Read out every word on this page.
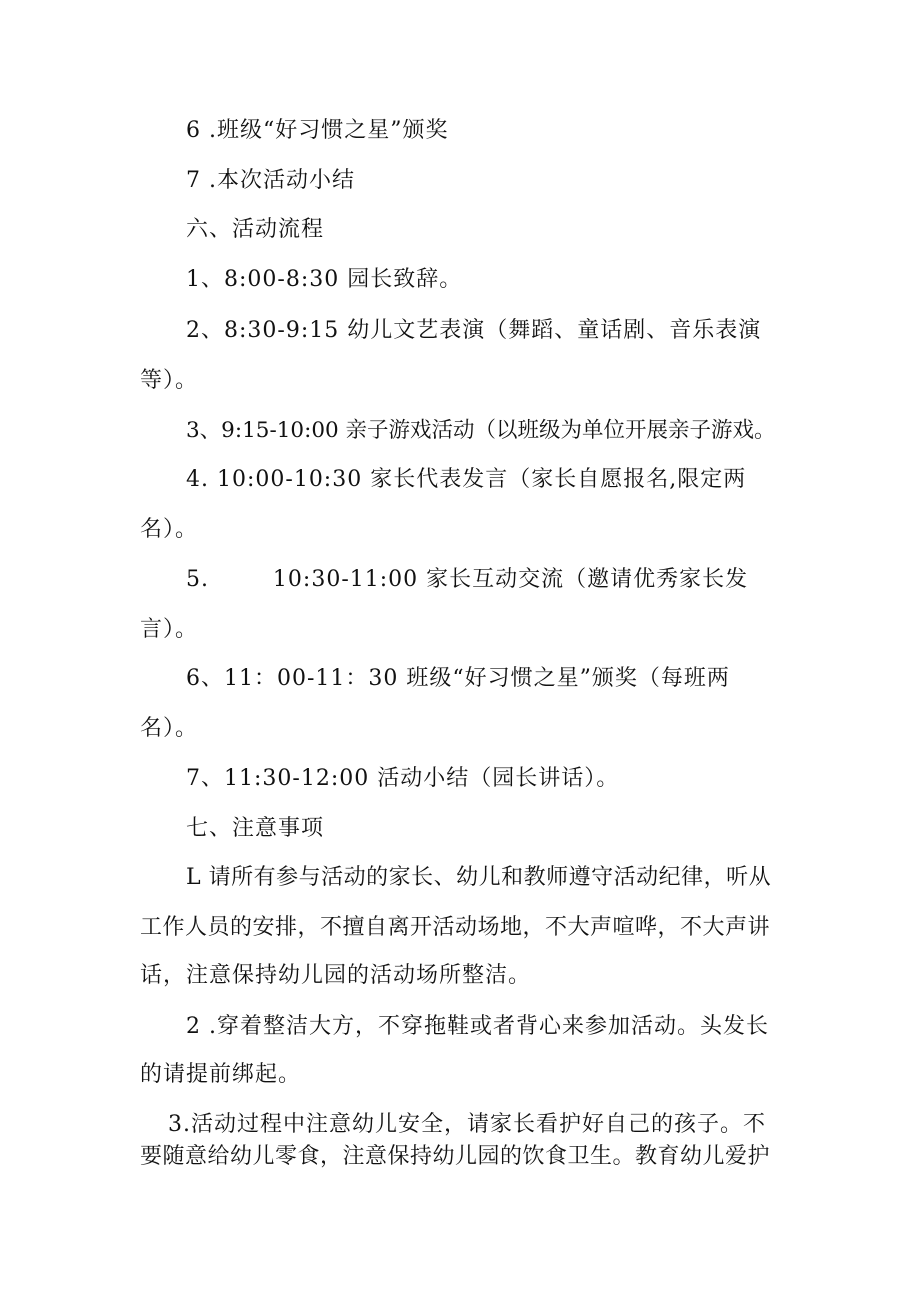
6 .班级“好习惯之星”颁奖
7 .本次活动小结
六、活动流程
1、8:00-8:30 园长致辞。
2、8:30-9:15 幼儿文艺表演（舞蹈、童话剧、音乐表演
等）。
3、9:15-10:00 亲子游戏活动（以班级为单位开展亲子游戏。
4. 10:00-10:30 家长代表发言（家长自愿报名,限定两
名）。
5.        10:30-11:00 家长互动交流（邀请优秀家长发
言）。
6、11：00-11：30 班级“好习惯之星”颁奖（每班两
名）。
7、11:30-12:00 活动小结（园长讲话）。
七、注意事项
L 请所有参与活动的家长、幼儿和教师遵守活动纪律，听从
工作人员的安排，不擅自离开活动场地，不大声喧哗，不大声讲
话，注意保持幼儿园的活动场所整洁。
2 .穿着整洁大方，不穿拖鞋或者背心来参加活动。头发长
的请提前绑起。
3.活动过程中注意幼儿安全，请家长看护好自己的孩子。不
要随意给幼儿零食，注意保持幼儿园的饮食卫生。教育幼儿爱护
